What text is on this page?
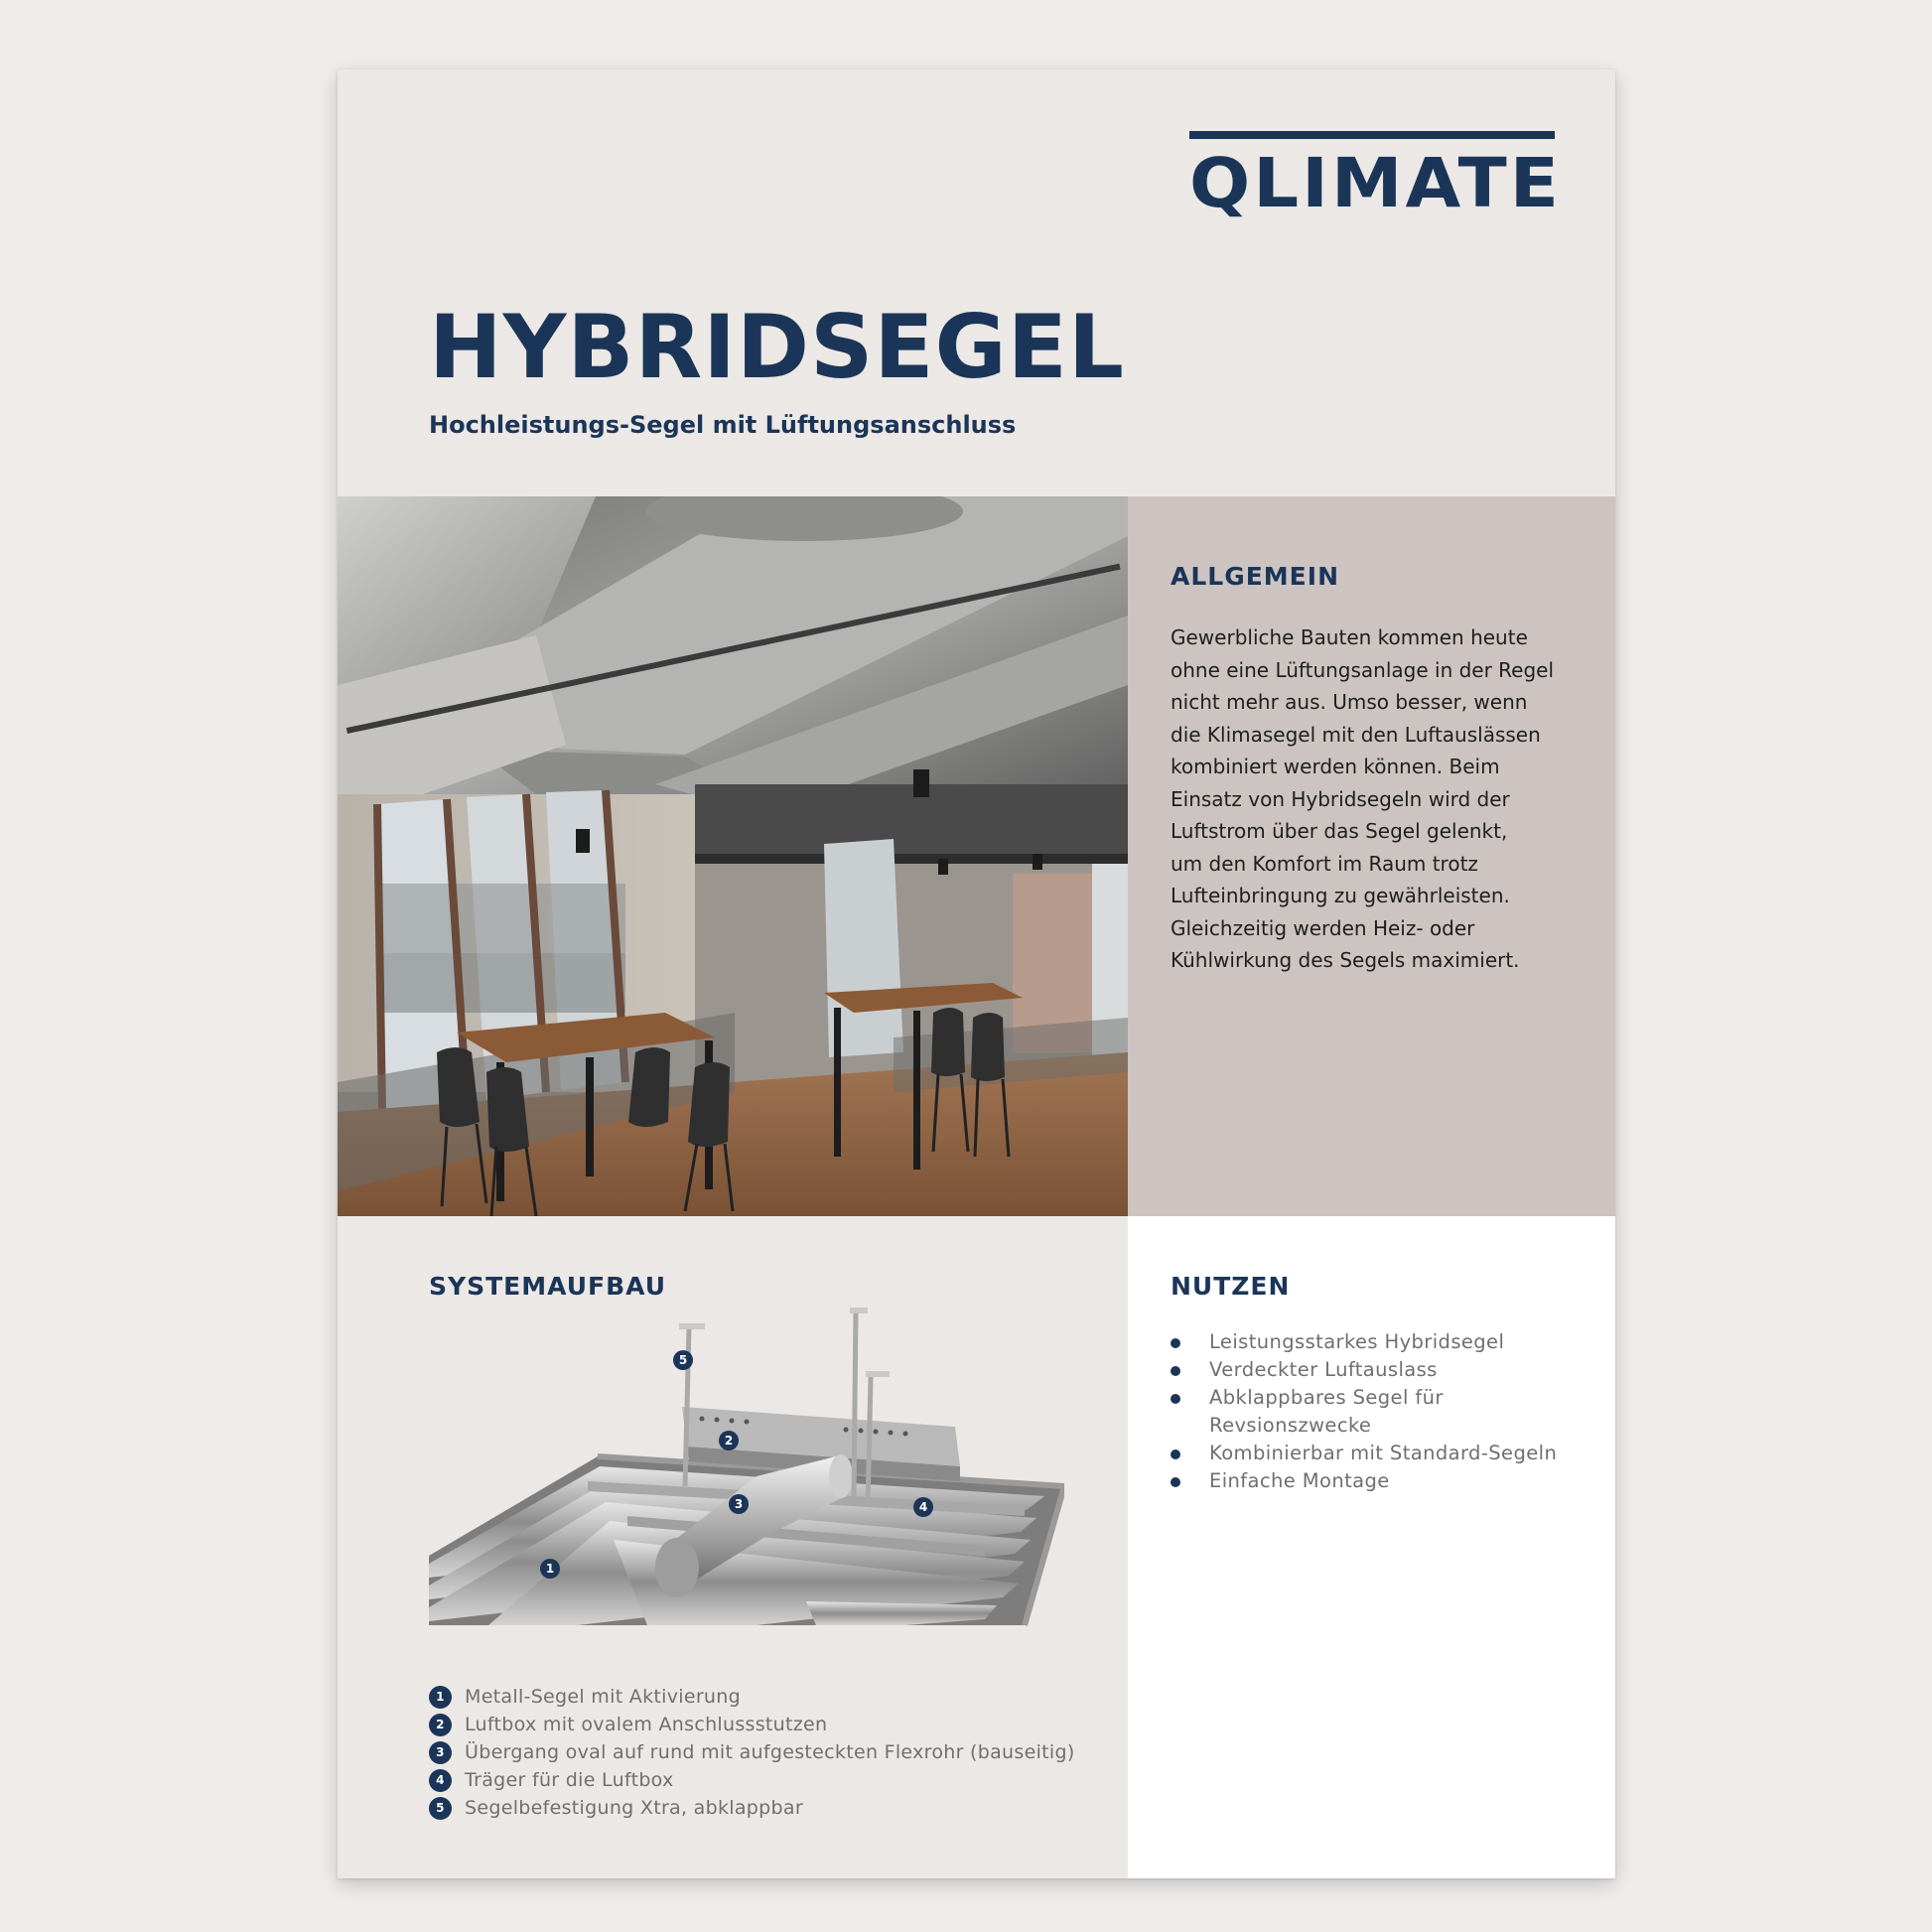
QLIMATE
HYBRIDSEGEL
Hochleistungs-Segel mit Lüftungsanschluss
ALLGEMEIN

Gewerbliche Bauten kommen heute
ohne eine Lüftungsanlage in der Regel
nicht mehr aus. Umso besser, wenn
die Klimasegel mit den Luftauslässen
kombiniert werden können. Beim
Einsatz von Hybridsegeln wird der
Luftstrom über das Segel gelenkt,
um den Komfort im Raum trotz
Lufteinbringung zu gewährleisten.
Gleichzeitig werden Heiz- oder
Kühlwirkung des Segels maximiert.

SYSTEMAUFBAU
1
2
3	4
5
1	Metall-Segel mit Aktivierung
2	Luftbox mit ovalem Anschlussstutzen
3	Übergang oval auf rund mit aufgesteckten Flexrohr (bauseitig)
4	Träger für die Luftbox
5	Segelbefestigung Xtra, abklappbar
NUTZEN
Leistungsstarkes Hybridsegel
Verdeckter Luftauslass
Abklappbares Segel für
Revsionszwecke
Kombinierbar mit Standard-Segeln
Einfache Montage
